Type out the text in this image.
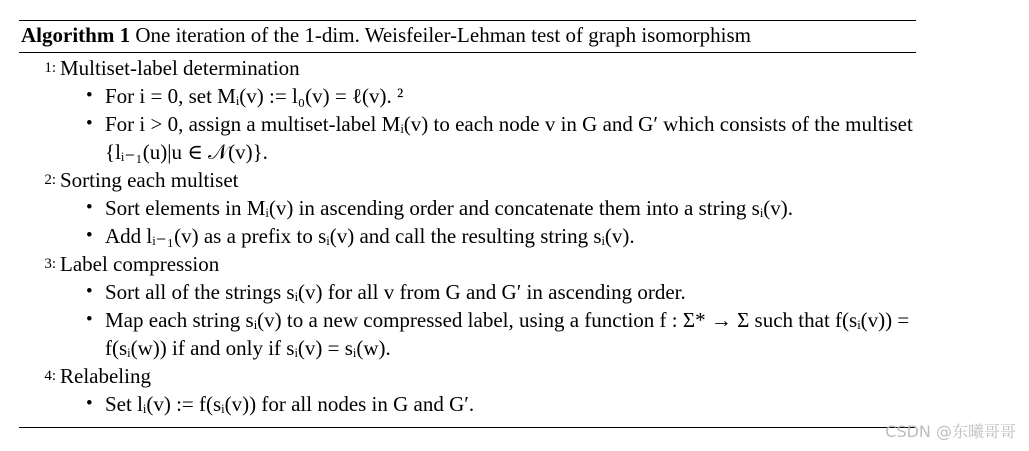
Algorithm 1 One iteration of the 1-dim. Weisfeiler-Lehman test of graph isomorphism
1: Multiset-label determination
• For i = 0, set Mᵢ(v) := l₀(v) = ℓ(v). ²
• For i > 0, assign a multiset-label Mᵢ(v) to each node v in G and G′ which consists of the multiset {lᵢ₋₁(u)|u ∈ 𝒩(v)}.
2: Sorting each multiset
• Sort elements in Mᵢ(v) in ascending order and concatenate them into a string sᵢ(v).
• Add lᵢ₋₁(v) as a prefix to sᵢ(v) and call the resulting string sᵢ(v).
3: Label compression
• Sort all of the strings sᵢ(v) for all v from G and G′ in ascending order.
• Map each string sᵢ(v) to a new compressed label, using a function f : Σ* → Σ such that f(sᵢ(v)) = f(sᵢ(w)) if and only if sᵢ(v) = sᵢ(w).
4: Relabeling
• Set lᵢ(v) := f(sᵢ(v)) for all nodes in G and G′.
CSDN @东曦哥哥
